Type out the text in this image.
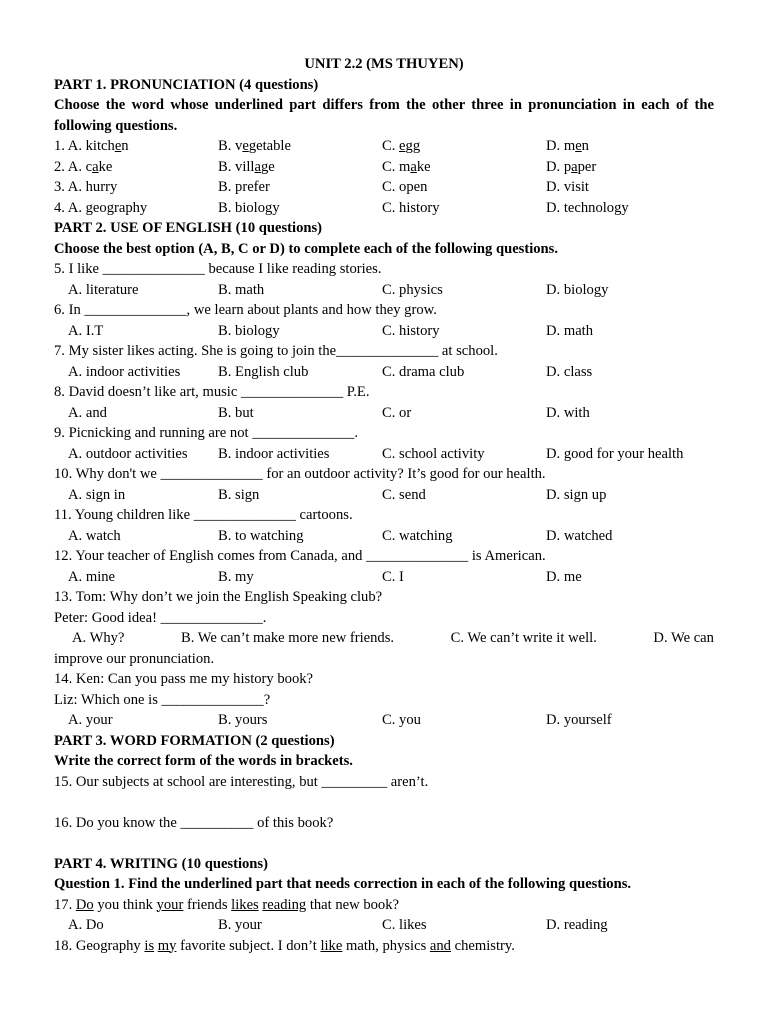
UNIT 2.2 (MS THUYEN)
PART 1. PRONUNCIATION (4 questions)
Choose the word whose underlined part differs from the other three in pronunciation in each of the following questions.
1. A. kitchen	B. vegetable	C. egg	D. men
2. A. cake	B. village	C. make	D. paper
3. A. hurry	B. prefer	C. open	D. visit
4. A. geography	B. biology	C. history	D. technology
PART 2. USE OF ENGLISH (10 questions)
Choose the best option (A, B, C or D) to complete each of the following questions.
5. I like ______________ because I like reading stories.
A. literature	B. math	C. physics	D. biology
6. In ______________, we learn about plants and how they grow.
A. I.T	B. biology	C. history	D. math
7. My sister likes acting. She is going to join the______________ at school.
A. indoor activities	B. English club	C. drama club	D. class
8. David doesn’t like art, music ______________ P.E.
A. and	B. but	C. or	D. with
9. Picnicking and running are not ______________.
A. outdoor activities B. indoor activities	C. school activity	D. good for your health
10. Why don't we ______________ for an outdoor activity? It’s good for our health.
A. sign in	B. sign	C. send	D. sign up
11. Young children like ______________ cartoons.
A. watch	B. to watching	C. watching	D. watched
12. Your teacher of English comes from Canada, and ______________ is American.
A. mine	B. my	C. I	D. me
13. Tom: Why don’t we join the English Speaking club?
Peter: Good idea! ______________.
A. Why?	B. We can’t make more new friends.	C. We can’t write it well.	D. We can
improve our pronunciation.
14. Ken: Can you pass me my history book?
Liz: Which one is ______________?
A. your	B. yours	C. you	D. yourself
PART 3. WORD FORMATION (2 questions)
Write the correct form of the words in brackets.
15. Our subjects at school are interesting, but _________ aren’t.
16. Do you know the __________ of this book?
PART 4. WRITING (10 questions)
Question 1. Find the underlined part that needs correction in each of the following questions.
17. Do you think your friends likes reading that new book?
A. Do	B. your	C. likes	D. reading
18. Geography is my favorite subject. I don’t like math, physics and chemistry.
